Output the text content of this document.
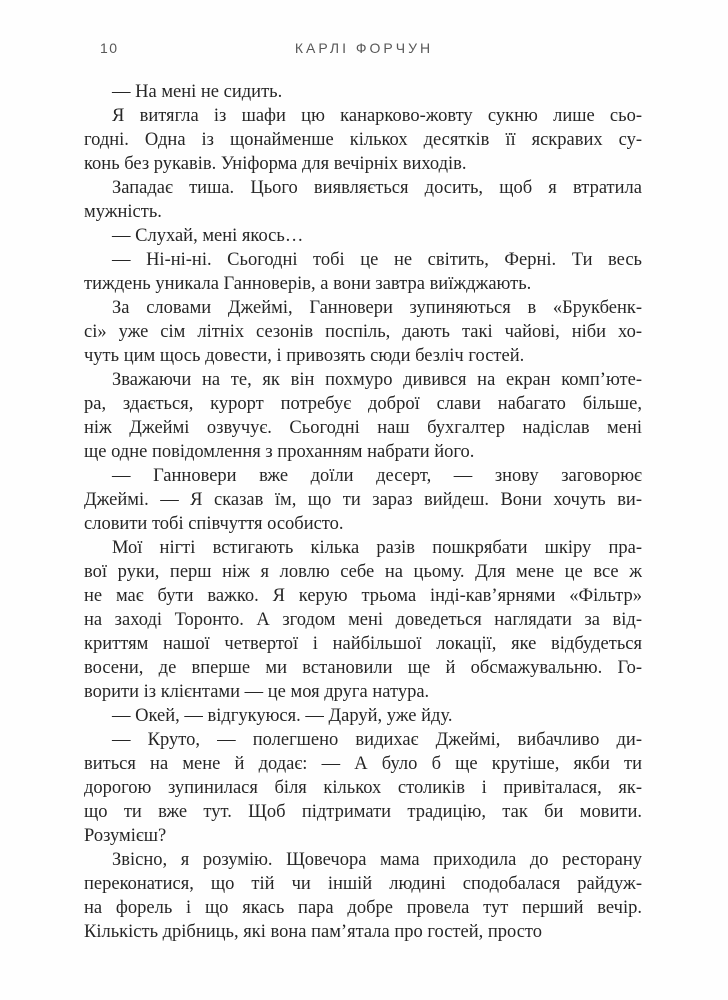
10	КАРЛІ ФОРЧУН
— На мені не сидить.
Я витягла із шафи цю канарково-жовту сукню лише сьо-
годні. Одна із щонайменше кількох десятків її яскравих су-
конь без рукавів. Уніформа для вечірніх виходів.
Западає тиша. Цього виявляється досить, щоб я втратила
мужність.
— Слухай, мені якось…
— Ні-ні-ні. Сьогодні тобі це не світить, Ферні. Ти весь
тиждень уникала Ганноверів, а вони завтра виїжджають.
За словами Джеймі, Ганновери зупиняються в «Брукбенк-
сі» уже сім літніх сезонів поспіль, дають такі чайові, ніби хо-
чуть цим щось довести, і привозять сюди безліч гостей.
Зважаючи на те, як він похмуро дивився на екран комп’юте-
ра, здається, курорт потребує доброї слави набагато більше,
ніж Джеймі озвучує. Сьогодні наш бухгалтер надіслав мені
ще одне повідомлення з проханням набрати його.
— Ганновери вже доїли десерт, — знову заговорює
Джеймі. — Я сказав їм, що ти зараз вийдеш. Вони хочуть ви-
словити тобі співчуття особисто.
Мої нігті встигають кілька разів пошкрябати шкіру пра-
вої руки, перш ніж я ловлю себе на цьому. Для мене це все ж
не має бути важко. Я керую трьома інді-кав’ярнями «Фільтр»
на заході Торонто. А згодом мені доведеться наглядати за від-
криттям нашої четвертої і найбільшої локації, яке відбудеться
восени, де вперше ми встановили ще й обсмажувальню. Го-
ворити із клієнтами — це моя друга натура.
— Окей, — відгукуюся. — Даруй, уже йду.
— Круто, — полегшено видихає Джеймі, вибачливо ди-
виться на мене й додає: — А було б ще крутіше, якби ти
дорогою зупинилася біля кількох столиків і привіталася, як-
що ти вже тут. Щоб підтримати традицію, так би мовити.
Розумієш?
Звісно, я розумію. Щовечора мама приходила до ресторану
переконатися, що тій чи іншій людині сподобалася райдуж-
на форель і що якась пара добре провела тут перший вечір.
Кількість дрібниць, які вона пам’ятала про гостей, просто
